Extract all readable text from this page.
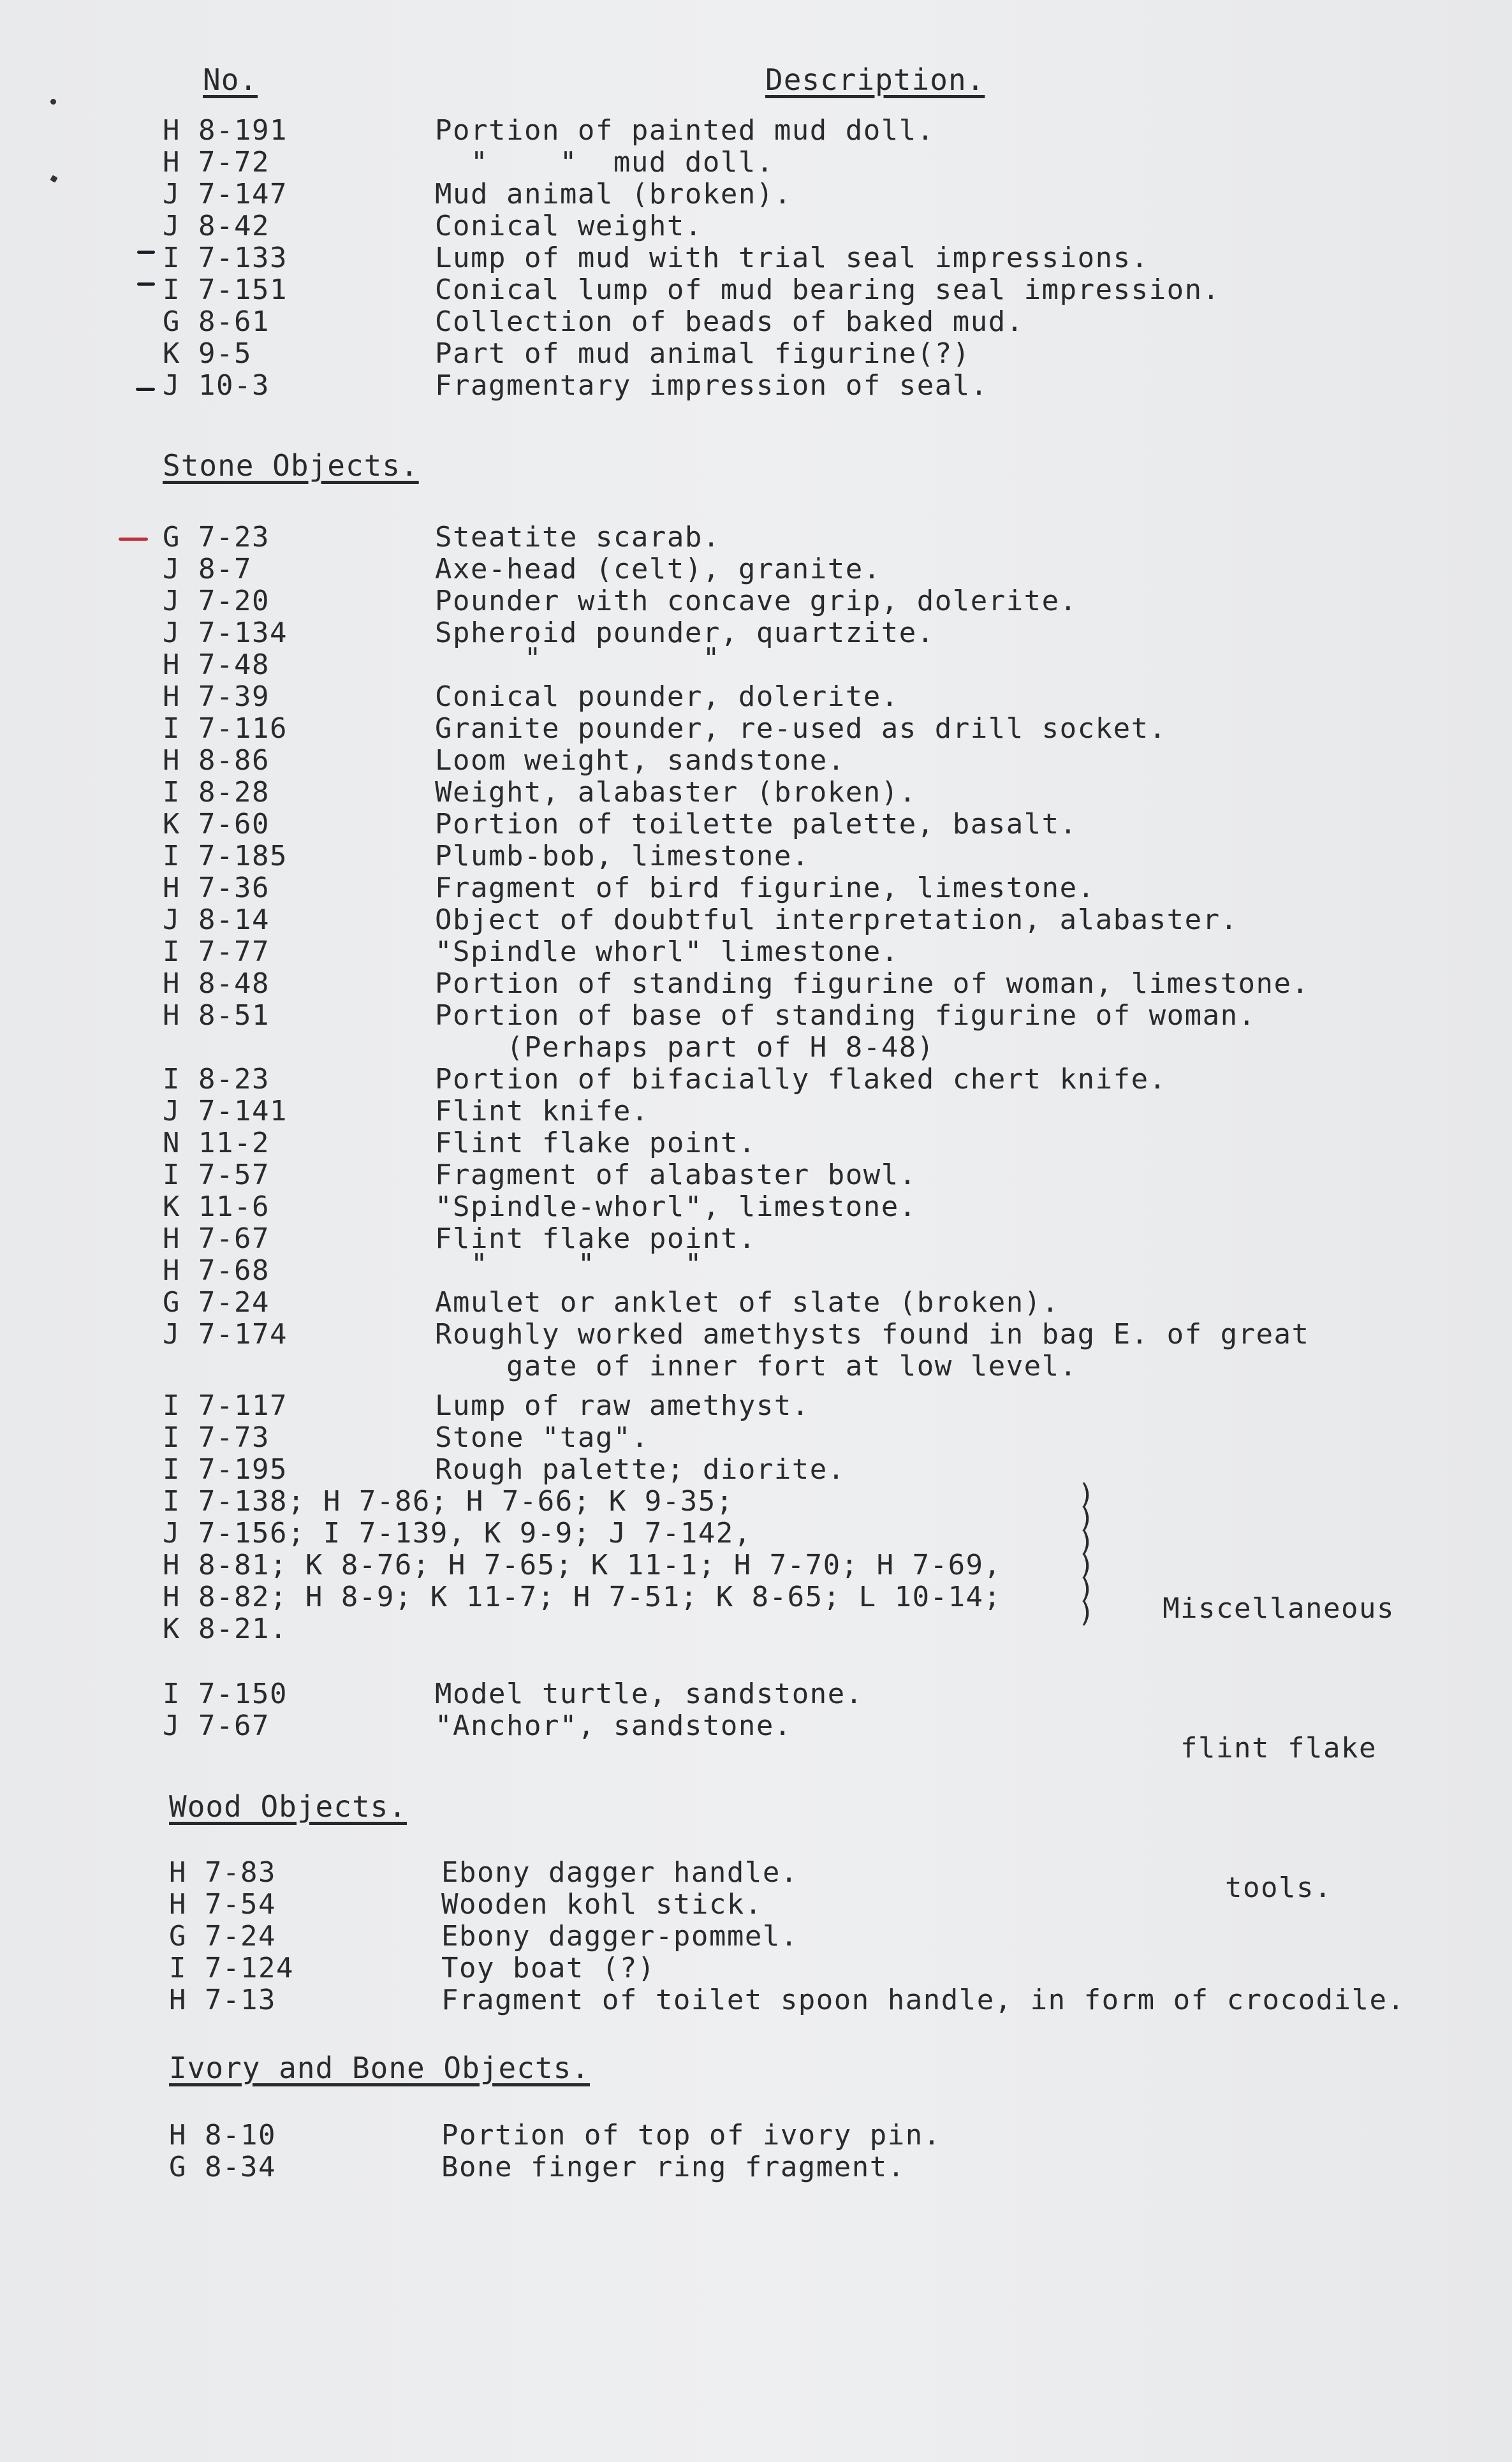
No.	Description.
H 8-191	Portion of painted mud doll.
H 7-72	"    "  mud doll.
J 7-147	Mud animal (broken).
J 8-42	Conical weight.
I 7-133	Lump of mud with trial seal impressions.
I 7-151	Conical lump of mud bearing seal impression.
G 8-61	Collection of beads of baked mud.
K 9-5	Part of mud animal figurine(?)
J 10-3	Fragmentary impression of seal.
Stone Objects.
G 7-23	Steatite scarab.
J 8-7	Axe-head (celt), granite.
J 7-20	Pounder with concave grip, dolerite.
J 7-134	Spheroid pounder, quartzite.
H 7-48	"         "
H 7-39	Conical pounder, dolerite.
I 7-116	Granite pounder, re-used as drill socket.
H 8-86	Loom weight, sandstone.
I 8-28	Weight, alabaster (broken).
K 7-60	Portion of toilette palette, basalt.
I 7-185	Plumb-bob, limestone.
H 7-36	Fragment of bird figurine, limestone.
J 8-14	Object of doubtful interpretation, alabaster.
I 7-77	"Spindle whorl" limestone.
H 8-48	Portion of standing figurine of woman, limestone.
H 8-51	Portion of base of standing figurine of woman.
(Perhaps part of H 8-48)
I 8-23	Portion of bifacially flaked chert knife.
J 7-141	Flint knife.
N 11-2	Flint flake point.
I 7-57	Fragment of alabaster bowl.
K 11-6	"Spindle-whorl", limestone.
H 7-67	Flint flake point.
H 7-68	"     "     "
G 7-24	Amulet or anklet of slate (broken).
J 7-174	Roughly worked amethysts found in bag E. of great
gate of inner fort at low level.
I 7-117	Lump of raw amethyst.
I 7-73	Stone "tag".
I 7-195	Rough palette; diorite.
I 7-138; H 7-86; H 7-66; K 9-35;
J 7-156; I 7-139, K 9-9; J 7-142,
H 8-81; K 8-76; H 7-65; K 11-1; H 7-70; H 7-69,
H 8-82; H 8-9; K 11-7; H 7-51; K 8-65; L 10-14;
K 8-21.
)
)
)
)
)
)

	Miscellaneous

flint flake

tools.

I 7-150	Model turtle, sandstone.
J 7-67	"Anchor", sandstone.
Wood Objects.
H 7-83	Ebony dagger handle.
H 7-54	Wooden kohl stick.
G 7-24	Ebony dagger-pommel.
I 7-124	Toy boat (?)
H 7-13	Fragment of toilet spoon handle, in form of crocodile.
Ivory and Bone Objects.
H 8-10	Portion of top of ivory pin.
G 8-34	Bone finger ring fragment.
